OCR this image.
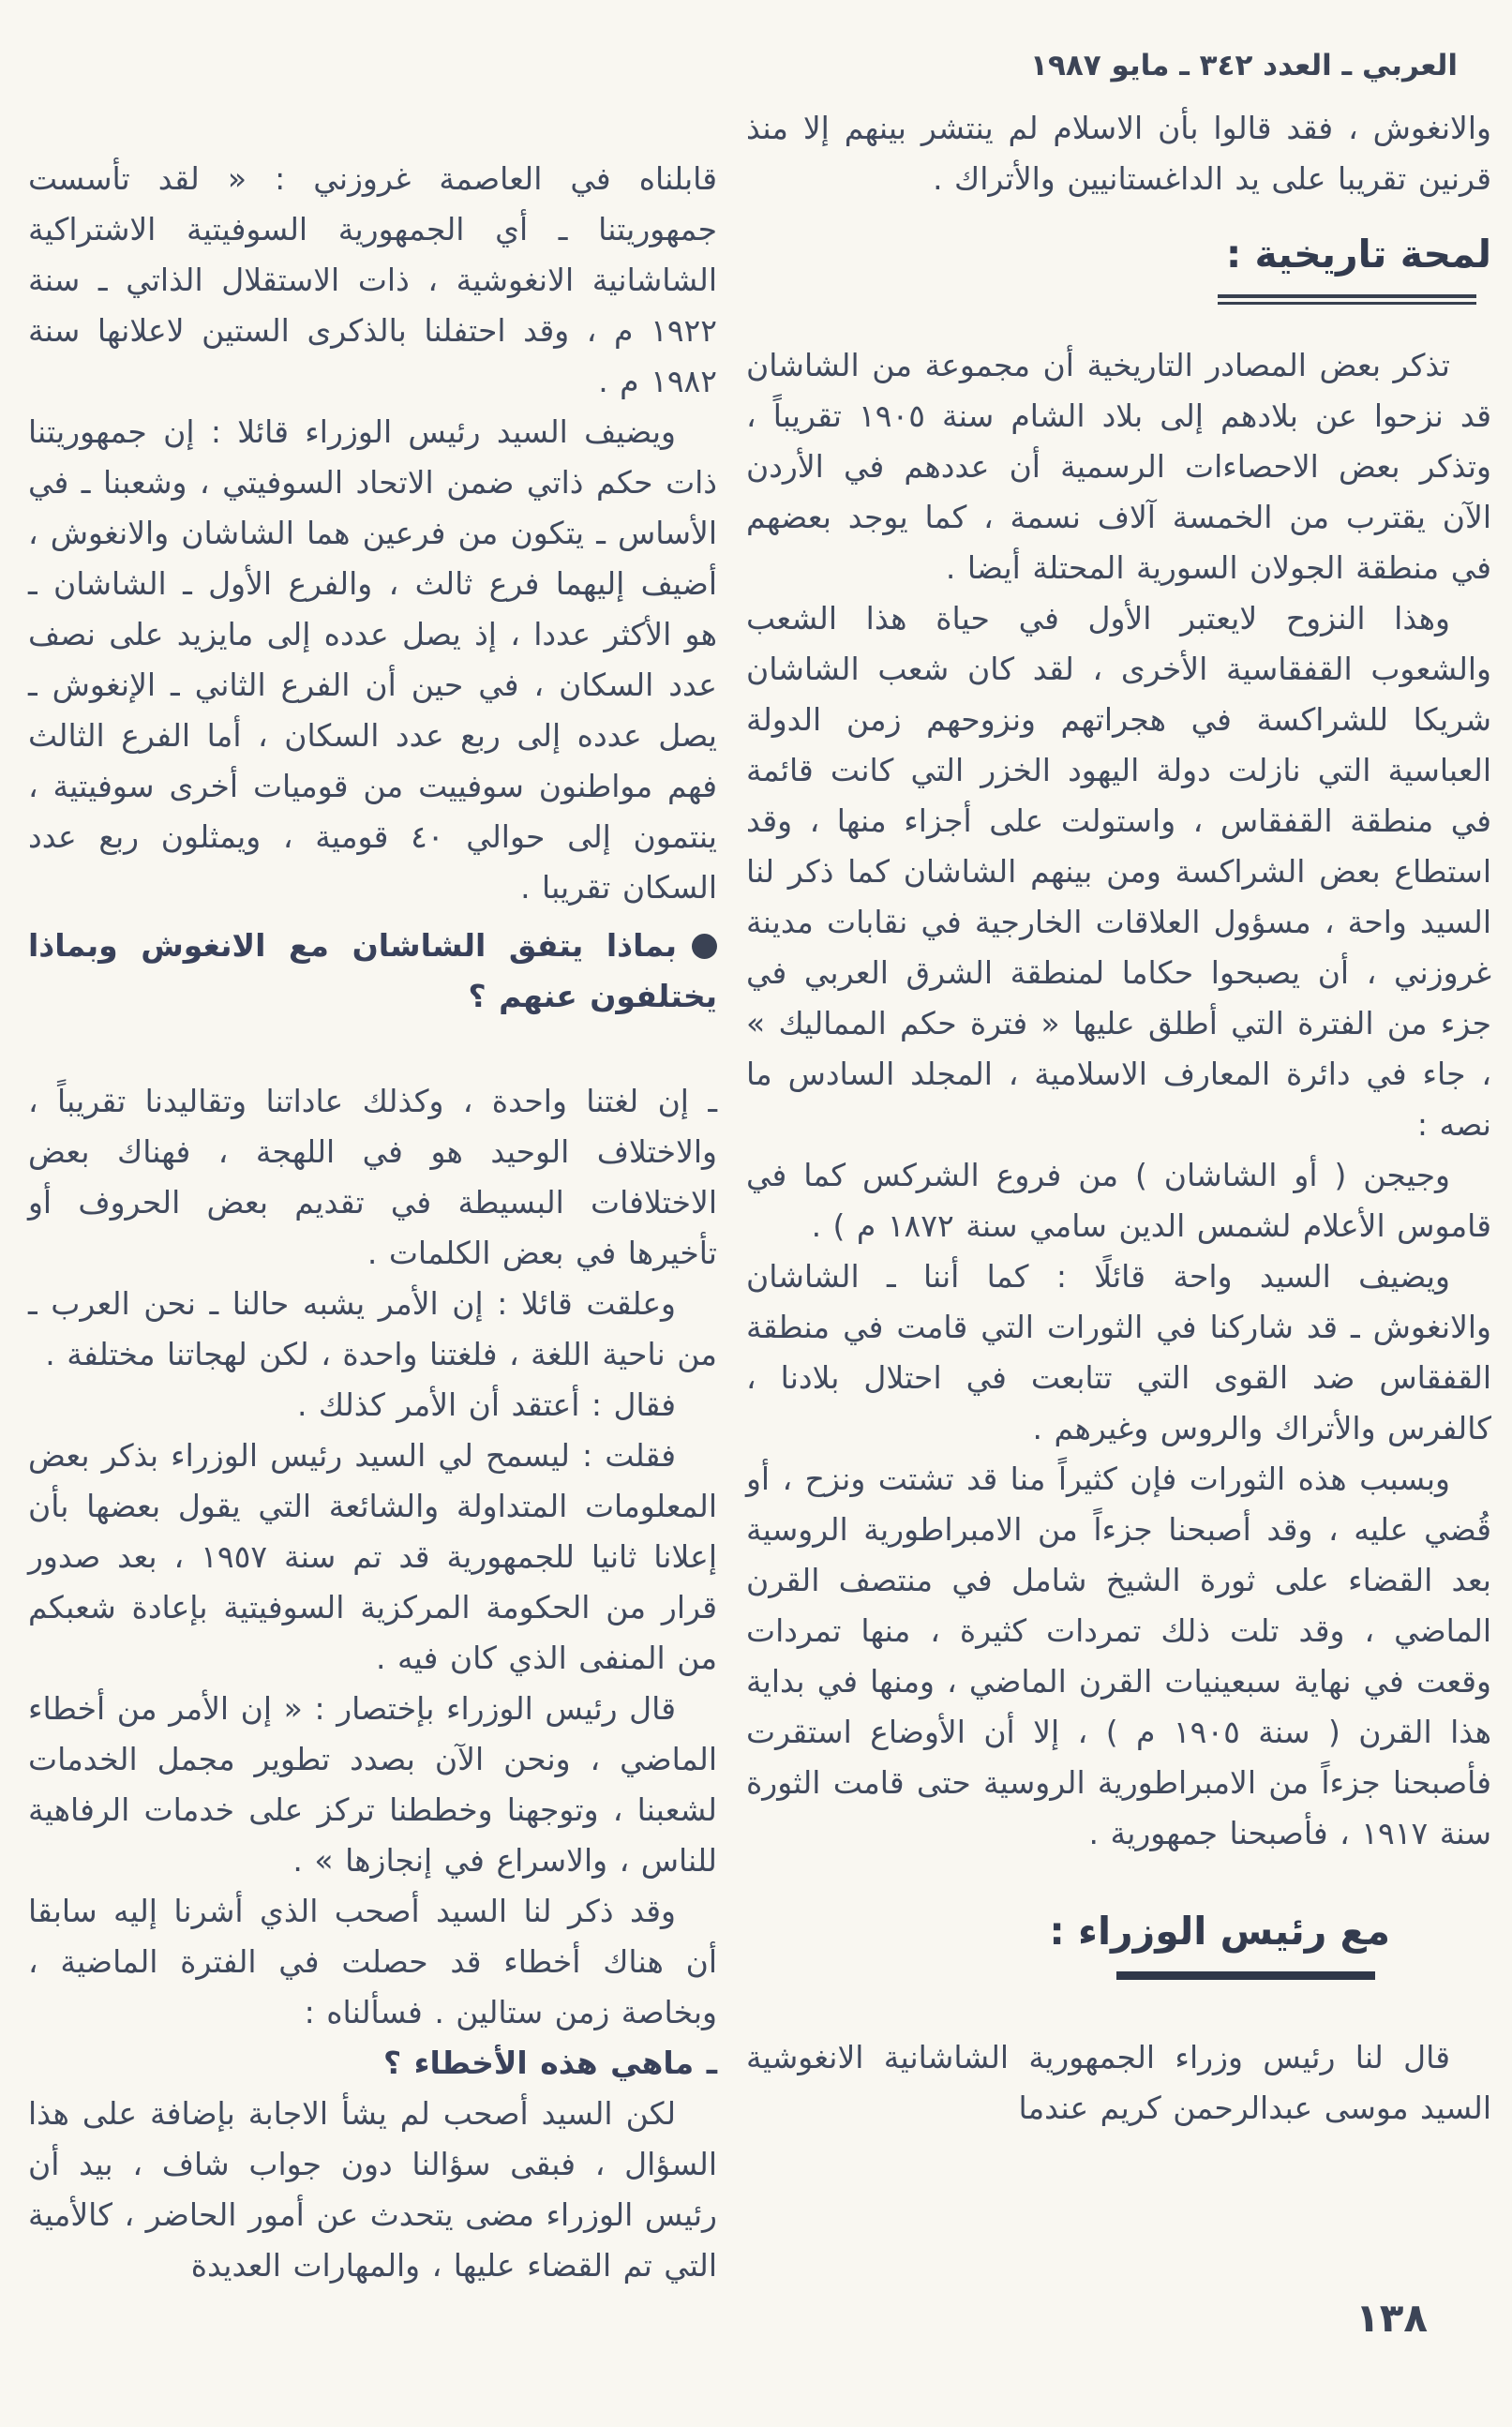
العربي ـ العدد ٣٤٢ ـ مايو ١٩٨٧

والانغوش ، فقد قالوا بأن الاسلام لم ينتشر بينهم إلا منذ قرنين تقريبا على يد الداغستانيين والأتراك .

لمحة تاريخية :

تذكر بعض المصادر التاريخية أن مجموعة من الشاشان قد نزحوا عن بلادهم إلى بلاد الشام سنة ١٩٠٥ تقريباً ، وتذكر بعض الاحصاءات الرسمية أن عددهم في الأردن الآن يقترب من الخمسة آلاف نسمة ، كما يوجد بعضهم في منطقة الجولان السورية المحتلة أيضا .

وهذا النزوح لايعتبر الأول في حياة هذا الشعب والشعوب القفقاسية الأخرى ، لقد كان شعب الشاشان شريكا للشراكسة في هجراتهم ونزوحهم زمن الدولة العباسية التي نازلت دولة اليهود الخزر التي كانت قائمة في منطقة القفقاس ، واستولت على أجزاء منها ، وقد استطاع بعض الشراكسة ومن بينهم الشاشان كما ذكر لنا السيد واحة ، مسؤول العلاقات الخارجية في نقابات مدينة غروزني ، أن يصبحوا حكاما لمنطقة الشرق العربي في جزء من الفترة التي أطلق عليها « فترة حكم المماليك » ، جاء في دائرة المعارف الاسلامية ، المجلد السادس ما نصه :

وجيجن ( أو الشاشان ) من فروع الشركس كما في قاموس الأعلام لشمس الدين سامي سنة ١٨٧٢ م ) .

ويضيف السيد واحة قائلًا : كما أننا ـ الشاشان والانغوش ـ قد شاركنا في الثورات التي قامت في منطقة القفقاس ضد القوى التي تتابعت في احتلال بلادنا ، كالفرس والأتراك والروس وغيرهم .

وبسبب هذه الثورات فإن كثيراً منا قد تشتت ونزح ، أو قُضي عليه ، وقد أصبحنا جزءاً من الامبراطورية الروسية بعد القضاء على ثورة الشيخ شامل في منتصف القرن الماضي ، وقد تلت ذلك تمردات كثيرة ، منها تمردات وقعت في نهاية سبعينيات القرن الماضي ، ومنها في بداية هذا القرن ( سنة ١٩٠٥ م ) ، إلا أن الأوضاع استقرت فأصبحنا جزءاً من الامبراطورية الروسية حتى قامت الثورة سنة ١٩١٧ ، فأصبحنا جمهورية .

مع رئيس الوزراء :

قال لنا رئيس وزراء الجمهورية الشاشانية الانغوشية السيد موسى عبدالرحمن كريم عندما

قابلناه في العاصمة غروزني : « لقد تأسست جمهوريتنا ـ أي الجمهورية السوفيتية الاشتراكية الشاشانية الانغوشية ، ذات الاستقلال الذاتي ـ سنة ١٩٢٢ م ، وقد احتفلنا بالذكرى الستين لاعلانها سنة ١٩٨٢ م .

ويضيف السيد رئيس الوزراء قائلا : إن جمهوريتنا ذات حكم ذاتي ضمن الاتحاد السوفيتي ، وشعبنا ـ في الأساس ـ يتكون من فرعين هما الشاشان والانغوش ، أضيف إليهما فرع ثالث ، والفرع الأول ـ الشاشان ـ هو الأكثر عددا ، إذ يصل عدده إلى مايزيد على نصف عدد السكان ، في حين أن الفرع الثاني ـ الإنغوش ـ يصل عدده إلى ربع عدد السكان ، أما الفرع الثالث فهم مواطنون سوفييت من قوميات أخرى سوفيتية ، ينتمون إلى حوالي ٤٠ قومية ، ويمثلون ربع عدد السكان تقريبا .

بماذا يتفق الشاشان مع الانغوش وبماذا يختلفون عنهم ؟

ـ إن لغتنا واحدة ، وكذلك عاداتنا وتقاليدنا تقريباً ، والاختلاف الوحيد هو في اللهجة ، فهناك بعض الاختلافات البسيطة في تقديم بعض الحروف أو تأخيرها في بعض الكلمات .

وعلقت قائلا : إن الأمر يشبه حالنا ـ نحن العرب ـ من ناحية اللغة ، فلغتنا واحدة ، لكن لهجاتنا مختلفة .

فقال : أعتقد أن الأمر كذلك .

فقلت : ليسمح لي السيد رئيس الوزراء بذكر بعض المعلومات المتداولة والشائعة التي يقول بعضها بأن إعلانا ثانيا للجمهورية قد تم سنة ١٩٥٧ ، بعد صدور قرار من الحكومة المركزية السوفيتية بإعادة شعبكم من المنفى الذي كان فيه .

قال رئيس الوزراء بإختصار : « إن الأمر من أخطاء الماضي ، ونحن الآن بصدد تطوير مجمل الخدمات لشعبنا ، وتوجهنا وخططنا تركز على خدمات الرفاهية للناس ، والاسراع في إنجازها » .

وقد ذكر لنا السيد أصحب الذي أشرنا إليه سابقا أن هناك أخطاء قد حصلت في الفترة الماضية ، وبخاصة زمن ستالين . فسألناه :

ـ ماهي هذه الأخطاء ؟

لكن السيد أصحب لم يشأ الاجابة بإضافة على هذا السؤال ، فبقى سؤالنا دون جواب شاف ، بيد أن رئيس الوزراء مضى يتحدث عن أمور الحاضر ، كالأمية التي تم القضاء عليها ، والمهارات العديدة

١٣٨
